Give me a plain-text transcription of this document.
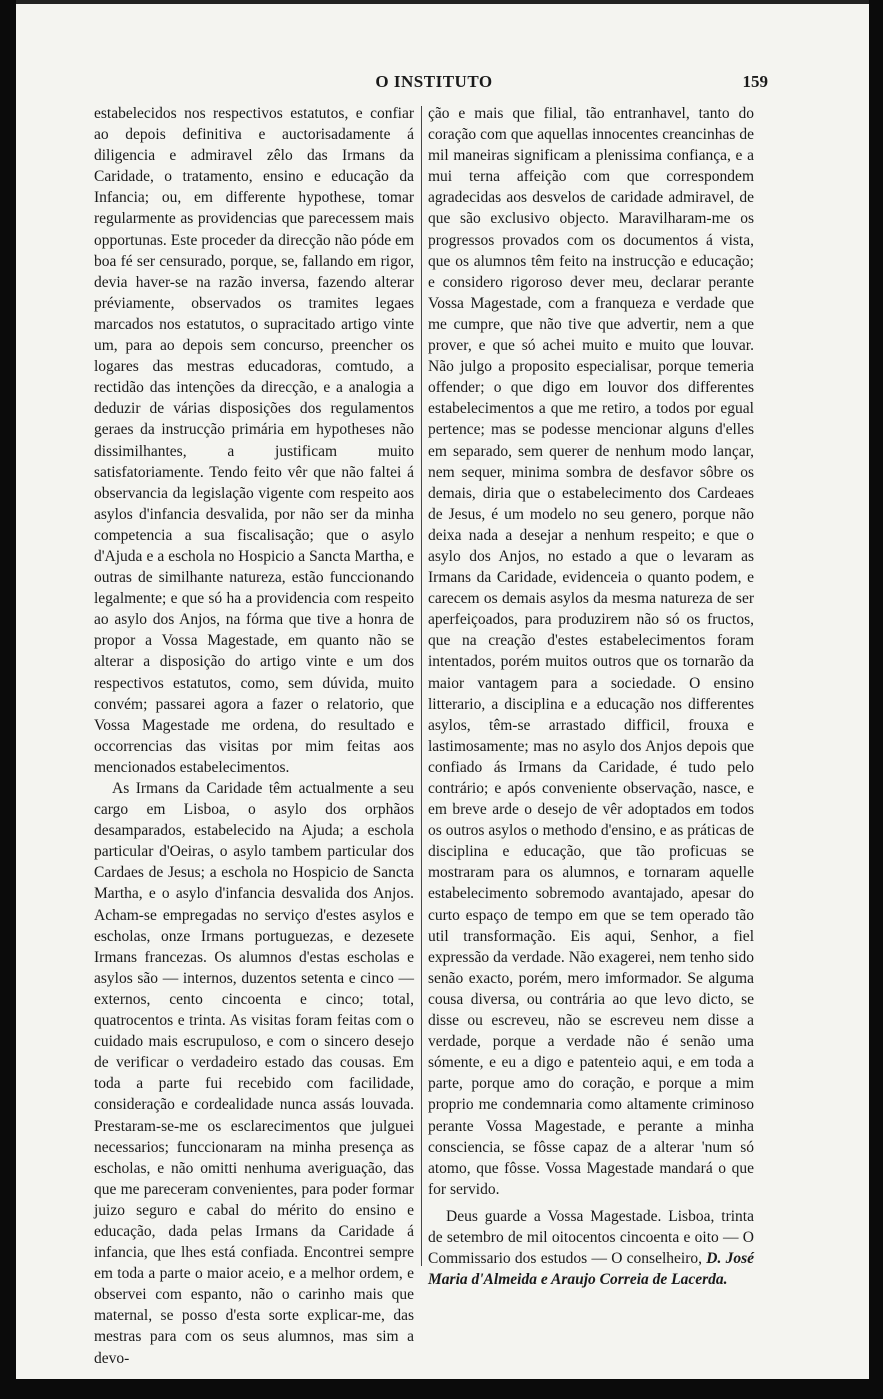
O INSTITUTO	159

estabelecidos nos respectivos estatutos, e confiar ao depois definitiva e auctorisadamente á diligencia e admiravel zêlo das Irmans da Caridade, o tratamento, ensino e educação da Infancia; ou, em differente hypothese, tomar regularmente as providencias que parecessem mais opportunas. Este proceder da direcção não póde em boa fé ser censurado, porque, se, fallando em rigor, devia haver-se na razão inversa, fazendo alterar préviamente, observados os tramites legaes marcados nos estatutos, o supracitado artigo vinte um, para ao depois sem concurso, preencher os logares das mestras educadoras, comtudo, a rectidão das intenções da direcção, e a analogia a deduzir de várias disposições dos regulamentos geraes da instrucção primária em hypotheses não dissimilhantes, a justificam muito satisfatoriamente. Tendo feito vêr que não faltei á observancia da legislação vigente com respeito aos asylos d'infancia desvalida, por não ser da minha competencia a sua fiscalisação; que o asylo d'Ajuda e a eschola no Hospicio a Sancta Martha, e outras de similhante natureza, estão funccionando legalmente; e que só ha a providencia com respeito ao asylo dos Anjos, na fórma que tive a honra de propor a Vossa Magestade, em quanto não se alterar a disposição do artigo vinte e um dos respectivos estatutos, como, sem dúvida, muito convém; passarei agora a fazer o relatorio, que Vossa Magestade me ordena, do resultado e occorrencias das visitas por mim feitas aos mencionados estabelecimentos.

As Irmans da Caridade têm actualmente a seu cargo em Lisboa, o asylo dos orphãos desamparados, estabelecido na Ajuda; a eschola particular d'Oeiras, o asylo tambem particular dos Cardaes de Jesus; a eschola no Hospicio de Sancta Martha, e o asylo d'infancia desvalida dos Anjos. Acham-se empregadas no serviço d'estes asylos e escholas, onze Irmans portuguezas, e dezesete Irmans francezas. Os alumnos d'estas escholas e asylos são — internos, duzentos setenta e cinco — externos, cento cincoenta e cinco; total, quatrocentos e trinta. As visitas foram feitas com o cuidado mais escrupuloso, e com o sincero desejo de verificar o verdadeiro estado das cousas. Em toda a parte fui recebido com facilidade, consideração e cordealidade nunca assás louvada. Prestaram-se-me os esclarecimentos que julguei necessarios; funccionaram na minha presença as escholas, e não omitti nenhuma averiguação, das que me pareceram convenientes, para poder formar juizo seguro e cabal do mérito do ensino e educação, dada pelas Irmans da Caridade á infancia, que lhes está confiada. Encontrei sempre em toda a parte o maior aceio, e a melhor ordem, e observei com espanto, não o carinho mais que maternal, se posso d'esta sorte explicar-me, das mestras para com os seus alumnos, mas sim a devo-

ção e mais que filial, tão entranhavel, tanto do coração com que aquellas innocentes creancinhas de mil maneiras significam a plenissima confiança, e a mui terna affeição com que correspondem agradecidas aos desvelos de caridade admiravel, de que são exclusivo objecto. Maravilharam-me os progressos provados com os documentos á vista, que os alumnos têm feito na instrucção e educação; e considero rigoroso dever meu, declarar perante Vossa Magestade, com a franqueza e verdade que me cumpre, que não tive que advertir, nem a que prover, e que só achei muito e muito que louvar. Não julgo a proposito especialisar, porque temeria offender; o que digo em louvor dos differentes estabelecimentos a que me retiro, a todos por egual pertence; mas se podesse mencionar alguns d'elles em separado, sem querer de nenhum modo lançar, nem sequer, minima sombra de desfavor sôbre os demais, diria que o estabelecimento dos Cardeaes de Jesus, é um modelo no seu genero, porque não deixa nada a desejar a nenhum respeito; e que o asylo dos Anjos, no estado a que o levaram as Irmans da Caridade, evidenceia o quanto podem, e carecem os demais asylos da mesma natureza de ser aperfeiçoados, para produzirem não só os fructos, que na creação d'estes estabelecimentos foram intentados, porém muitos outros que os tornarão da maior vantagem para a sociedade. O ensino litterario, a disciplina e a educação nos differentes asylos, têm-se arrastado difficil, frouxa e lastimosamente; mas no asylo dos Anjos depois que confiado ás Irmans da Caridade, é tudo pelo contrário; e após conveniente observação, nasce, e em breve arde o desejo de vêr adoptados em todos os outros asylos o methodo d'ensino, e as práticas de disciplina e educação, que tão proficuas se mostraram para os alumnos, e tornaram aquelle estabelecimento sobremodo avantajado, apesar do curto espaço de tempo em que se tem operado tão util transformação. Eis aqui, Senhor, a fiel expressão da verdade. Não exagerei, nem tenho sido senão exacto, porém, mero imformador. Se alguma cousa diversa, ou contrária ao que levo dicto, se disse ou escreveu, não se escreveu nem disse a verdade, porque a verdade não é senão uma sómente, e eu a digo e patenteio aqui, e em toda a parte, porque amo do coração, e porque a mim proprio me condemnaria como altamente criminoso perante Vossa Magestade, e perante a minha consciencia, se fôsse capaz de a alterar 'num só atomo, que fôsse. Vossa Magestade mandará o que for servido.

Deus guarde a Vossa Magestade. Lisboa, trinta de setembro de mil oitocentos cincoenta e oito — O Commissario dos estudos — O conselheiro, D. José Maria d'Almeida e Araujo Correia de Lacerda.
